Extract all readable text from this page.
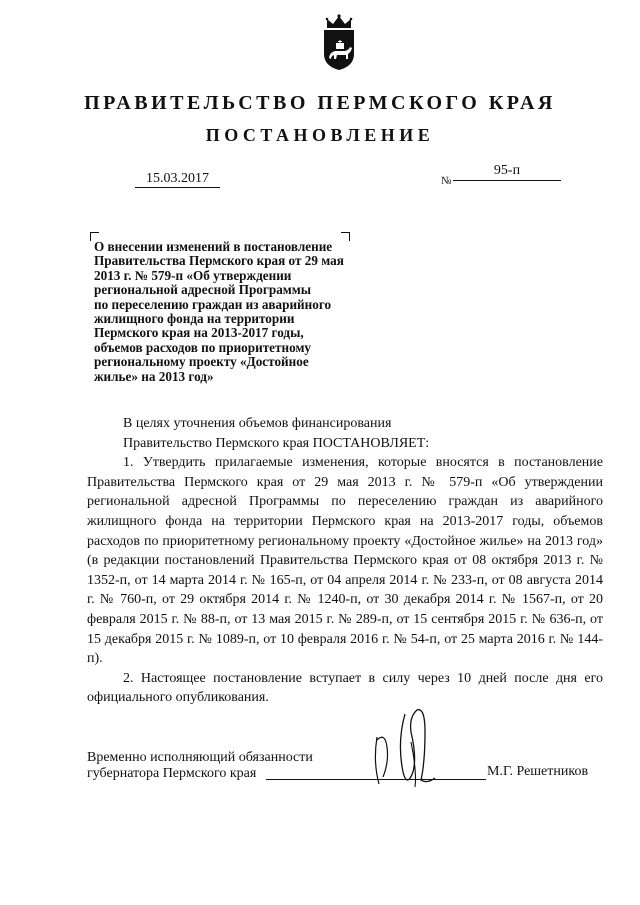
ПРАВИТЕЛЬСТВО ПЕРМСКОГО КРАЯ
ПОСТАНОВЛЕНИЕ
15.03.2017	№
95-п
О внесении изменений в постановление
Правительства Пермского края от 29 мая
2013 г. № 579-п «Об утверждении
региональной адресной Программы
по переселению граждан из аварийного
жилищного фонда на территории
Пермского края на 2013-2017 годы,
объемов расходов по приоритетному
региональному проекту «Достойное
жилье» на 2013 год»

В целях уточнения объемов финансирования

Правительство Пермского края ПОСТАНОВЛЯЕТ:

1. Утвердить прилагаемые изменения, которые вносятся в постановление Правительства Пермского края от 29 мая 2013 г. № 579-п «Об утверждении региональной адресной Программы по переселению граждан из аварийного жилищного фонда на территории Пермского края на 2013-2017 годы, объемов расходов по приоритетному региональному проекту «Достойное жилье» на 2013 год» (в редакции постановлений Правительства Пермского края от 08 октября 2013 г. № 1352-п, от 14 марта 2014 г. № 165-п, от 04 апреля 2014 г. № 233-п, от 08 августа 2014 г. № 760-п, от 29 октября 2014 г. № 1240-п, от 30 декабря 2014 г. № 1567-п, от 20 февраля 2015 г. № 88-п, от 13 мая 2015 г. № 289-п, от 15 сентября 2015 г. № 636-п, от 15 декабря 2015 г. № 1089-п, от 10 февраля 2016 г. № 54-п, от 25 марта 2016 г. № 144-п).

2. Настоящее постановление вступает в силу через 10 дней после дня его официального опубликования.

Временно исполняющий обязанности
губернатора Пермского края	М.Г. Решетников
